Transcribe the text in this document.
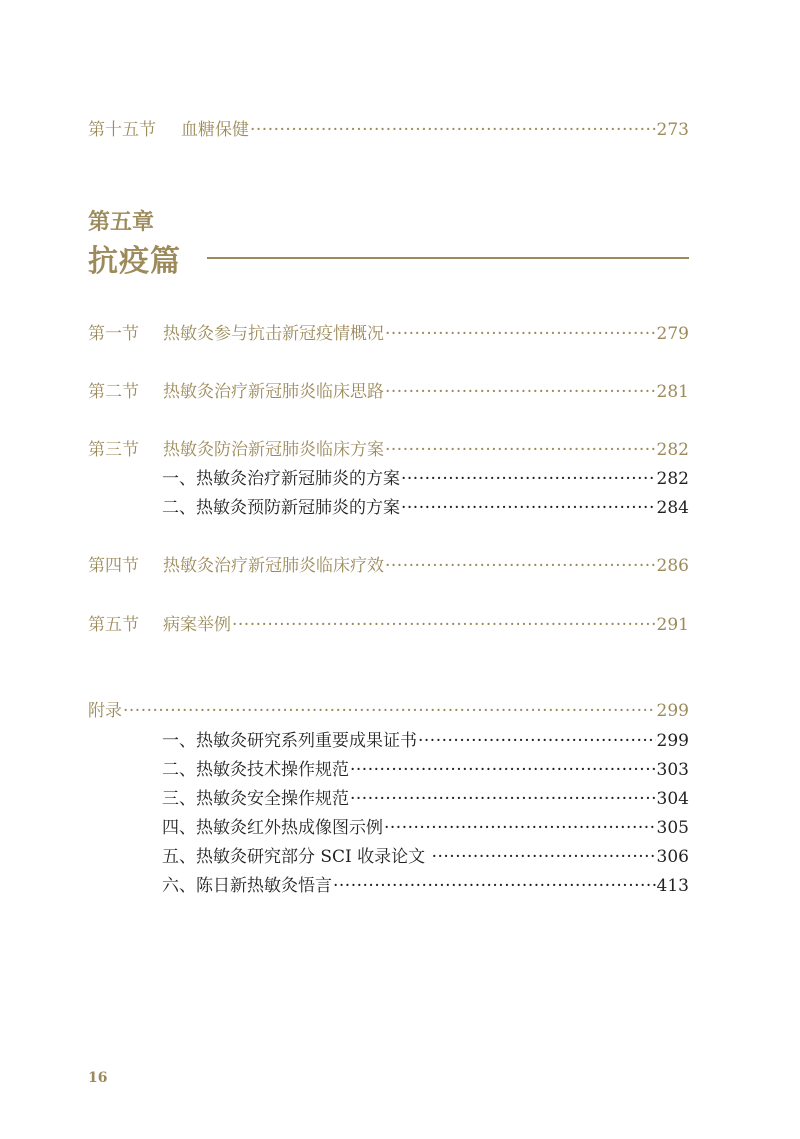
第十五节	血糖保健 ·····	273
第五章
抗疫篇
第一节	热敏灸参与抗击新冠疫情概况 ·····	279
第二节	热敏灸治疗新冠肺炎临床思路 ·····	281
第三节	热敏灸防治新冠肺炎临床方案 ·····	282
一、热敏灸治疗新冠肺炎的方案 ·····	282
二、热敏灸预防新冠肺炎的方案 ·····	284
第四节	热敏灸治疗新冠肺炎临床疗效 ·····	286
第五节	病案举例 ·····	291
附录 ·····	299
一、热敏灸研究系列重要成果证书 ·····	299
二、热敏灸技术操作规范 ·····	303
三、热敏灸安全操作规范 ·····	304
四、热敏灸红外热成像图示例 ·····	305
五、热敏灸研究部分 SCI 收录论文 ·····	306
六、陈日新热敏灸悟言 ·····	413
16
